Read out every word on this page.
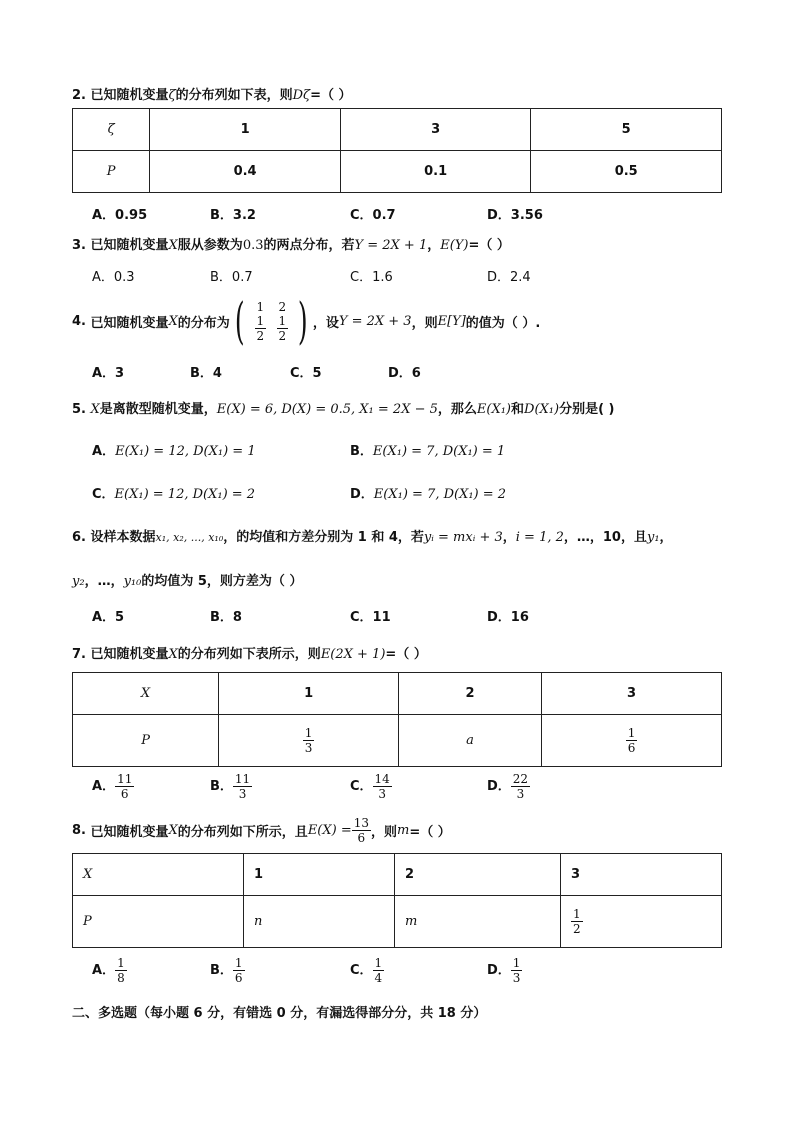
2. 已知随机变量ζ的分布列如下表，则Dζ=（ ）
ζ	1	3	5
P	0.4	0.1	0.5
A．0.95	B．3.2	C．0.7	D．3.56
3. 已知随机变量X服从参数为0.3的两点分布，若Y = 2X + 1，E(Y)=（ ）
A．0.3	B．0.7	C．1.6	D．2.4
4.
已知随机变量 X 的分布为 (	1	2
$\frac{1}{2} \frac{1}{2}$ ) ，设 Y = 2X + 3 ，则 E[Y] 的值为（ ）.
A．3	B．4	C．5	D．6
5. X是离散型随机变量，E(X) = 6, D(X) = 0.5, X₁ = 2X − 5，那么E(X₁)和D(X₁)分别是( )
A．E(X₁) = 12, D(X₁) = 1	B．E(X₁) = 7, D(X₁) = 1
C．E(X₁) = 12, D(X₁) = 2	D．E(X₁) = 7, D(X₁) = 2
6. 设样本数据x₁, x₂, ..., x₁₀，的均值和方差分别为 1 和 4，若yᵢ = mxᵢ + 3，i = 1, 2，…，10，且y₁，
y₂，…，y₁₀的均值为 5，则方差为（ ）
A．5	B．8	C．11	D．16
7. 已知随机变量X的分布列如下表所示，则E(2X + 1)=（ ）
X	1	2	3
P	$\frac{1}{3}$	a	$\frac{1}{6}$
A． $\frac{11}{6}$	B． $\frac{11}{3}$	C． $\frac{14}{3}$	D． $\frac{22}{3}$
8.
已知随机变量 X 的分布列如下所示，且 $E(X) = \frac{13}{6}$ ，则 m =（ ）
X	1	2	3
P	n	m	$\frac{1}{2}$
A． $\frac{1}{8}$	B． $\frac{1}{6}$	C． $\frac{1}{4}$	D． $\frac{1}{3}$
二、多选题（每小题 6 分，有错选 0 分，有漏选得部分分，共 18 分）
